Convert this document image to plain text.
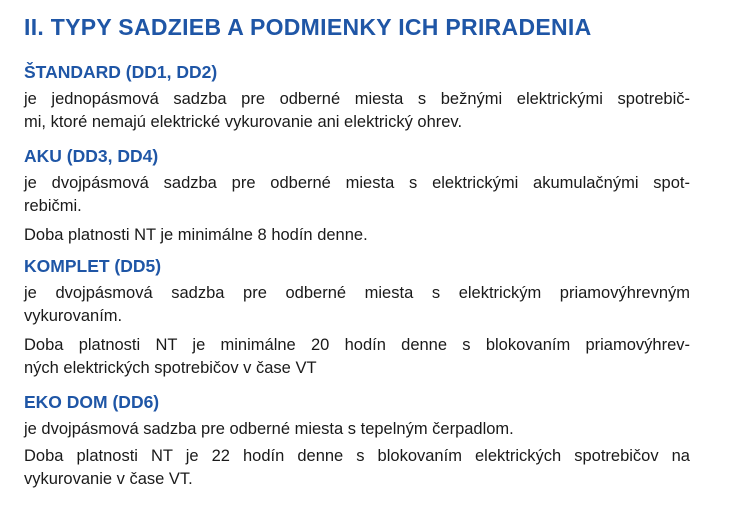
II. TYPY SADZIEB A PODMIENKY ICH PRIRADENIA
ŠTANDARD (DD1, DD2)
je jednopásmová sadzba pre odberné miesta s bežnými elektrickými spotrebič-
mi, ktoré nemajú elektrické vykurovanie ani elektrický ohrev.
AKU (DD3, DD4)
je dvojpásmová sadzba pre odberné miesta s elektrickými akumulačnými spot-
rebičmi.
Doba platnosti NT je minimálne 8 hodín denne.
KOMPLET (DD5)
je dvojpásmová sadzba pre odberné miesta s elektrickým priamovýhrevným
vykurovaním.
Doba platnosti NT je minimálne 20 hodín denne s blokovaním priamovýhrev-
ných elektrických spotrebičov v čase VT
EKO DOM (DD6)
je dvojpásmová sadzba pre odberné miesta s tepelným čerpadlom.
Doba platnosti NT je 22 hodín denne s blokovaním elektrických spotrebičov na
vykurovanie v čase VT.
